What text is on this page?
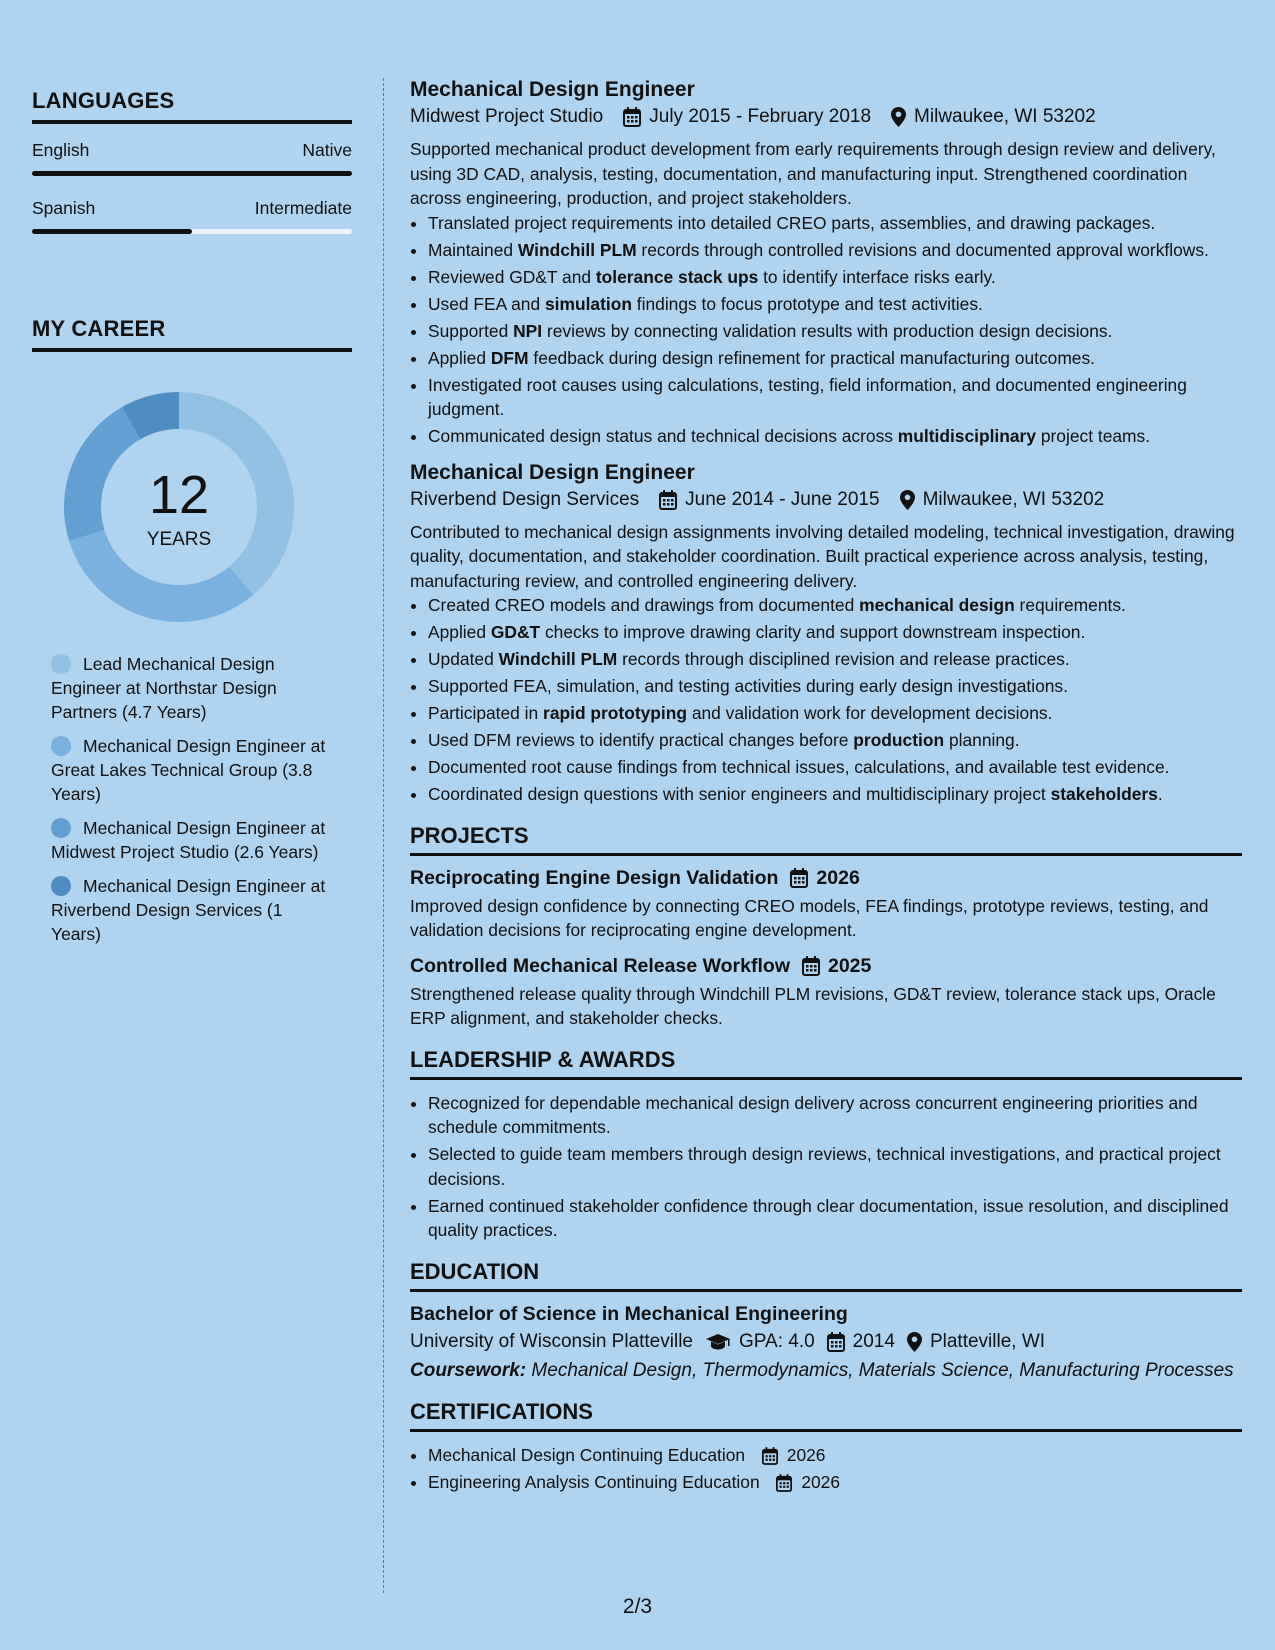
LANGUAGES
English	Native
Spanish	Intermediate
MY CAREER
12
YEARS
Lead Mechanical Design Engineer at Northstar Design Partners (4.7 Years)
Mechanical Design Engineer at Great Lakes Technical Group (3.8 Years)
Mechanical Design Engineer at Midwest Project Studio (2.6 Years)
Mechanical Design Engineer at Riverbend Design Services (1 Years)
Mechanical Design Engineer
Midwest Project Studio July 2015 - February 2018 Milwaukee, WI 53202

Supported mechanical product development from early requirements through design review and delivery, using 3D CAD, analysis, testing, documentation, and manufacturing input. Strengthened coordination across engineering, production, and project stakeholders.

• Translated project requirements into detailed CREO parts, assemblies, and drawing packages.
• Maintained Windchill PLM records through controlled revisions and documented approval workflows.
• Reviewed GD&T and tolerance stack ups to identify interface risks early.
• Used FEA and simulation findings to focus prototype and test activities.
• Supported NPI reviews by connecting validation results with production design decisions.
• Applied DFM feedback during design refinement for practical manufacturing outcomes.
• Investigated root causes using calculations, testing, field information, and documented engineering judgment.
• Communicated design status and technical decisions across multidisciplinary project teams.
Mechanical Design Engineer
Riverbend Design Services June 2014 - June 2015 Milwaukee, WI 53202

Contributed to mechanical design assignments involving detailed modeling, technical investigation, drawing quality, documentation, and stakeholder coordination. Built practical experience across analysis, testing, manufacturing review, and controlled engineering delivery.

• Created CREO models and drawings from documented mechanical design requirements.
• Applied GD&T checks to improve drawing clarity and support downstream inspection.
• Updated Windchill PLM records through disciplined revision and release practices.
• Supported FEA, simulation, and testing activities during early design investigations.
• Participated in rapid prototyping and validation work for development decisions.
• Used DFM reviews to identify practical changes before production planning.
• Documented root cause findings from technical issues, calculations, and available test evidence.
• Coordinated design questions with senior engineers and multidisciplinary project stakeholders.
PROJECTS
Reciprocating Engine Design Validation 2026
Improved design confidence by connecting CREO models, FEA findings, prototype reviews, testing, and validation decisions for reciprocating engine development.
Controlled Mechanical Release Workflow 2025
Strengthened release quality through Windchill PLM revisions, GD&T review, tolerance stack ups, Oracle ERP alignment, and stakeholder checks.
LEADERSHIP & AWARDS
• Recognized for dependable mechanical design delivery across concurrent engineering priorities and schedule commitments.
• Selected to guide team members through design reviews, technical investigations, and practical project decisions.
• Earned continued stakeholder confidence through clear documentation, issue resolution, and disciplined quality practices.
EDUCATION
Bachelor of Science in Mechanical Engineering
University of Wisconsin Platteville GPA: 4.0 2014 Platteville, WI
Coursework: Mechanical Design, Thermodynamics, Materials Science, Manufacturing Processes
CERTIFICATIONS
• Mechanical Design Continuing Education 2026
• Engineering Analysis Continuing Education 2026
2/3
